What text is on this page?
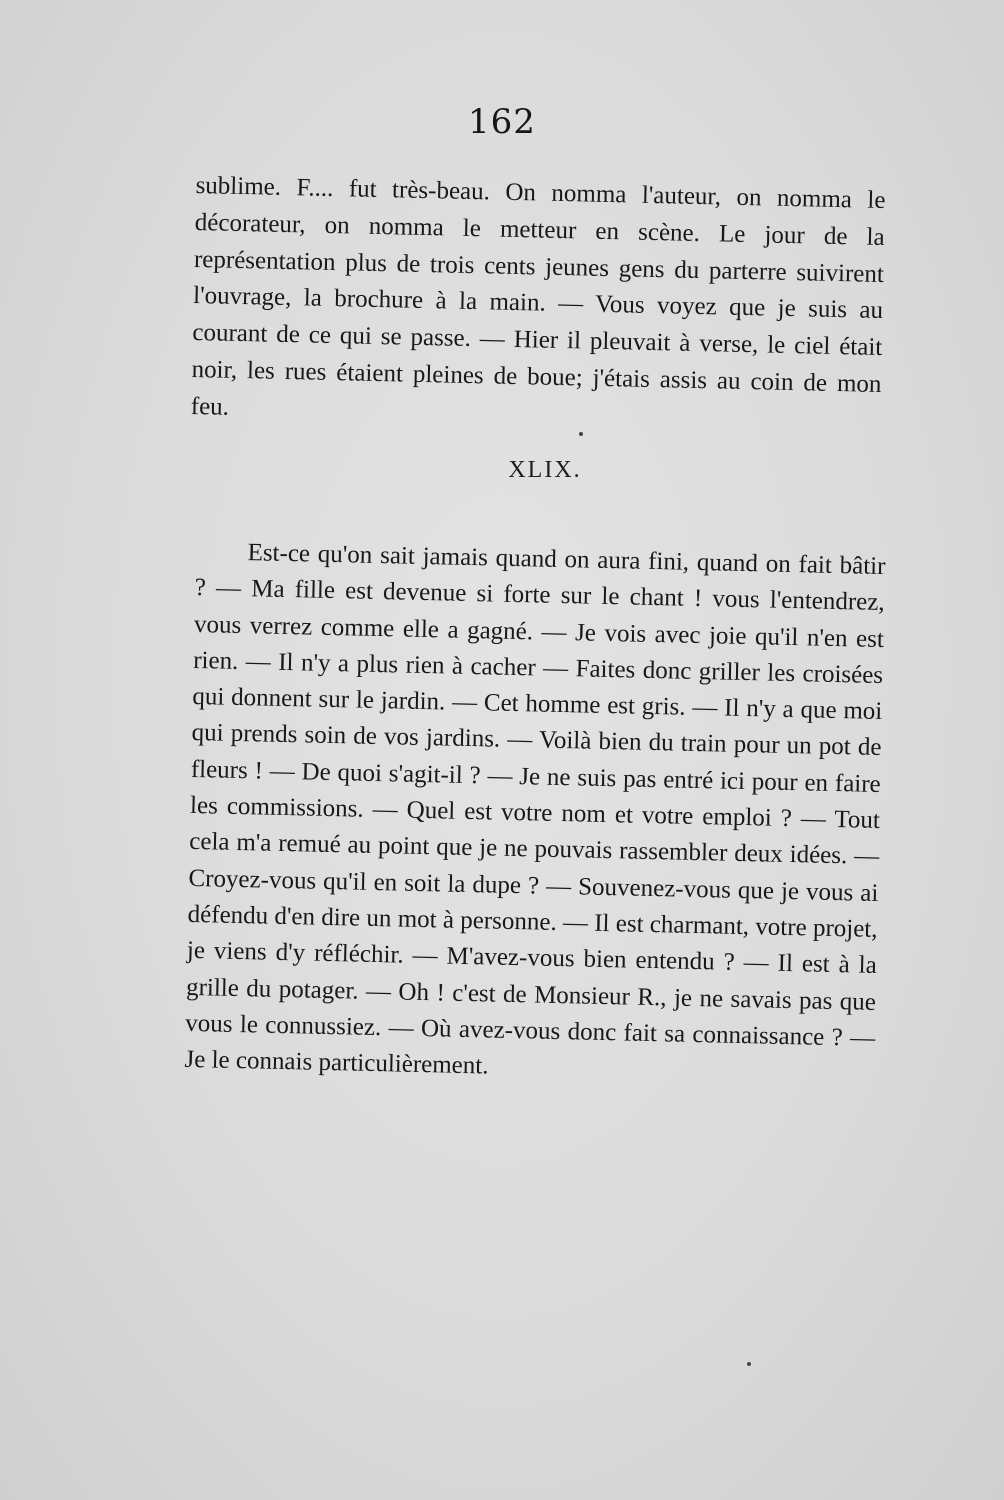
162

sublime. F.... fut très-beau. On nomma l'auteur, on nomma le décorateur, on nomma le metteur en scène. Le jour de la représentation plus de trois cents jeunes gens du parterre suivirent l'ouvrage, la brochure à la main. — Vous voyez que je suis au courant de ce qui se passe. — Hier il pleuvait à verse, le ciel était noir, les rues étaient pleines de boue; j'étais assis au coin de mon feu.

XLIX.

Est-ce qu'on sait jamais quand on aura fini, quand on fait bâtir ? — Ma fille est devenue si forte sur le chant ! vous l'entendrez, vous verrez comme elle a gagné. — Je vois avec joie qu'il n'en est rien. — Il n'y a plus rien à cacher — Faites donc griller les croisées qui donnent sur le jardin. — Cet homme est gris. — Il n'y a que moi qui prends soin de vos jardins. — Voilà bien du train pour un pot de fleurs ! — De quoi s'agit-il ? — Je ne suis pas entré ici pour en faire les commissions. — Quel est votre nom et votre emploi ? — Tout cela m'a remué au point que je ne pouvais rassembler deux idées. — Croyez-vous qu'il en soit la dupe ? — Souvenez-vous que je vous ai défendu d'en dire un mot à personne. — Il est charmant, votre projet, je viens d'y réfléchir. — M'avez-vous bien entendu ? — Il est à la grille du potager. — Oh ! c'est de Monsieur R., je ne savais pas que vous le connussiez. — Où avez-vous donc fait sa connaissance ? — Je le connais particulièrement.
